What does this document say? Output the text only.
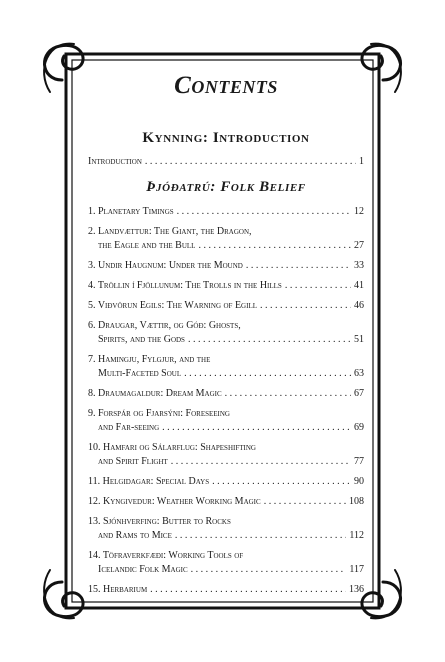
Contents
Kynning: Introduction
Introduction . . .	1
Þjóðatrú: Folk Belief
1. Planetary Timings . . .	12
2. Landvættur: The Giant, the Dragon,
the Eagle and the Bull . . .	27
3. Undir Haugnum: Under the Mound . . .	33
4. Tröllin í Fjöllunum: The Trolls in the Hills . . .	41
5. Viðvörun Egils: The Warning of Egill . . .	46
6. Draugar, Vættir, og Góð: Ghosts,
Spirits, and the Gods . . .	51
7. Hamingju, Fylgjur, and the
Multi-Faceted Soul . . .	63
8. Draumagaldur: Dream Magic . . .	67
9. Forspár og Fjarsýni: Foreseeing
and Far-seeing . . .	69
10. Hamfari og Sálarflug: Shapeshifting
and Spirit Flight . . .	77
11. Helgidagar: Special Days . . .	90
12. Kyngivedur: Weather Working Magic . . .	108
13. Sjónhverfing: Butter to Rocks
and Rams to Mice . . .	112
14. Töfraverkfæði: Working Tools of
Icelandic Folk Magic . . .	117
15. Herbarium . . .	136
